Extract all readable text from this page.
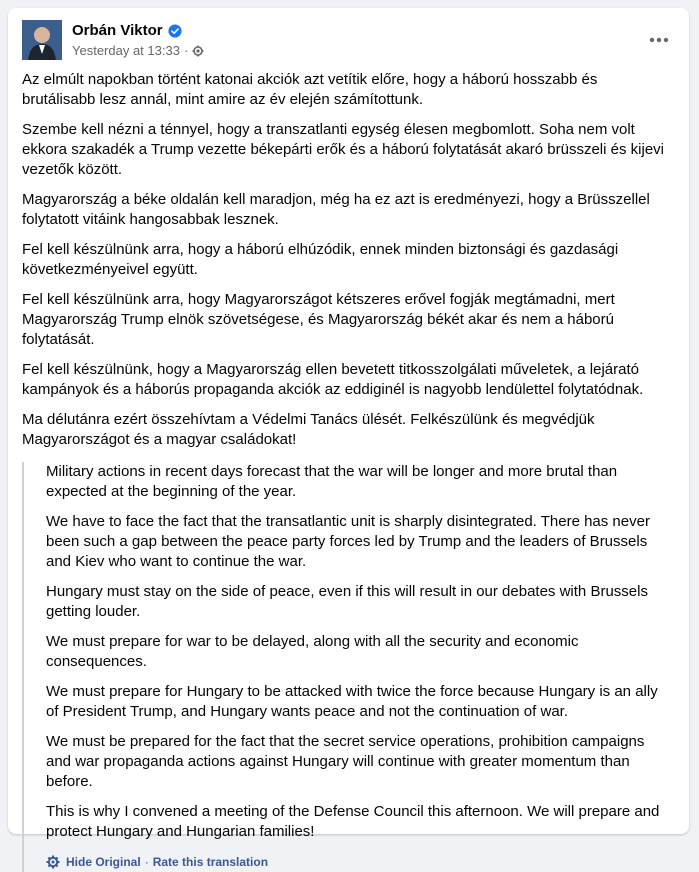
Orbán Viktor
Yesterday at 13:33 ·

Az elmúlt napokban történt katonai akciók azt vetítik előre, hogy a háború hosszabb és brutálisabb lesz annál, mint amire az év elején számítottunk.

Szembe kell nézni a ténnyel, hogy a transzatlanti egység élesen megbomlott. Soha nem volt ekkora szakadék a Trump vezette békepárti erők és a háború folytatását akaró brüsszeli és kijevi vezetők között.

Magyarország a béke oldalán kell maradjon, még ha ez azt is eredményezi, hogy a Brüsszellel folytatott vitáink hangosabbak lesznek.

Fel kell készülnünk arra, hogy a háború elhúzódik, ennek minden biztonsági és gazdasági következményeivel együtt.

Fel kell készülnünk arra, hogy Magyarországot kétszeres erővel fogják megtámadni, mert Magyarország Trump elnök szövetségese, és Magyarország békét akar és nem a háború folytatását.

Fel kell készülnünk, hogy a Magyarország ellen bevetett titkosszolgálati műveletek, a lejárató kampányok és a háborús propaganda akciók az eddiginél is nagyobb lendülettel folytatódnak.

Ma délutánra ezért összehívtam a Védelmi Tanács ülését. Felkészülünk és megvédjük Magyarországot és a magyar családokat!

Military actions in recent days forecast that the war will be longer and more brutal than expected at the beginning of the year.

We have to face the fact that the transatlantic unit is sharply disintegrated. There has never been such a gap between the peace party forces led by Trump and the leaders of Brussels and Kiev who want to continue the war.

Hungary must stay on the side of peace, even if this will result in our debates with Brussels getting louder.

We must prepare for war to be delayed, along with all the security and economic consequences.

We must prepare for Hungary to be attacked with twice the force because Hungary is an ally of President Trump, and Hungary wants peace and not the continuation of war.

We must be prepared for the fact that the secret service operations, prohibition campaigns and war propaganda actions against Hungary will continue with greater momentum than before.

This is why I convened a meeting of the Defense Council this afternoon. We will prepare and protect Hungary and Hungarian families!

Hide Original · Rate this translation
